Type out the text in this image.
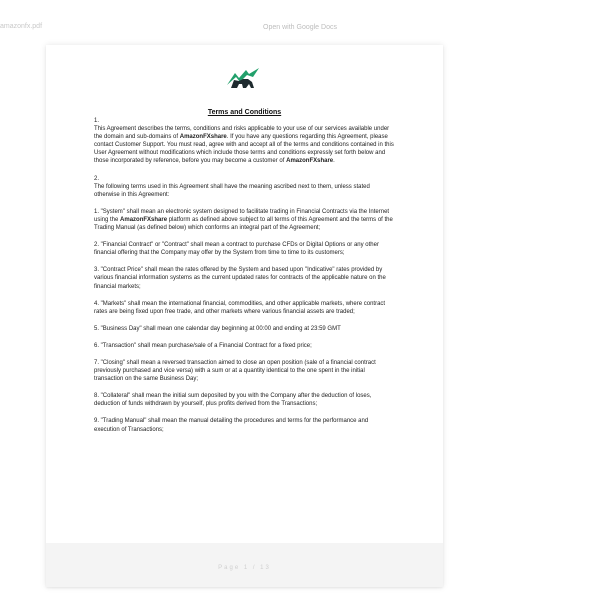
amazonfx.pdf	Open with Google Docs
Terms and Conditions

1.
This Agreement describes the terms, conditions and risks applicable to your use of our services available under the domain and sub-domains of AmazonFXshare. If you have any questions regarding this Agreement, please contact Customer Support. You must read, agree with and accept all of the terms and conditions contained in this User Agreement without modifications which include those terms and conditions expressly set forth below and those incorporated by reference, before you may become a customer of AmazonFXshare.

2.
The following terms used in this Agreement shall have the meaning ascribed next to them, unless stated otherwise in this Agreement:

1. "System" shall mean an electronic system designed to facilitate trading in Financial Contracts via the Internet using the AmazonFXshare platform as defined above subject to all terms of this Agreement and the terms of the Trading Manual (as defined below) which conforms an integral part of the Agreement;

2. "Financial Contract" or "Contract" shall mean a contract to purchase CFDs or Digital Options or any other financial offering that the Company may offer by the System from time to time to its customers;

3. "Contract Price" shall mean the rates offered by the System and based upon "Indicative" rates provided by various financial information systems as the current updated rates for contracts of the applicable nature on the financial markets;

4. "Markets" shall mean the international financial, commodities, and other applicable markets, where contract rates are being fixed upon free trade, and other markets where various financial assets are traded;

5. "Business Day" shall mean one calendar day beginning at 00:00 and ending at 23:59 GMT

6. "Transaction" shall mean purchase/sale of a Financial Contract for a fixed price;

7. "Closing" shall mean a reversed transaction aimed to close an open position (sale of a financial contract previously purchased and vice versa) with a sum or at a quantity identical to the one spent in the initial transaction on the same Business Day;

8. "Collateral" shall mean the initial sum deposited by you with the Company after the deduction of loses, deduction of funds withdrawn by yourself, plus profits derived from the Transactions;

9. "Trading Manual" shall mean the manual detailing the procedures and terms for the performance and execution of Transactions;

Page 1 / 13
